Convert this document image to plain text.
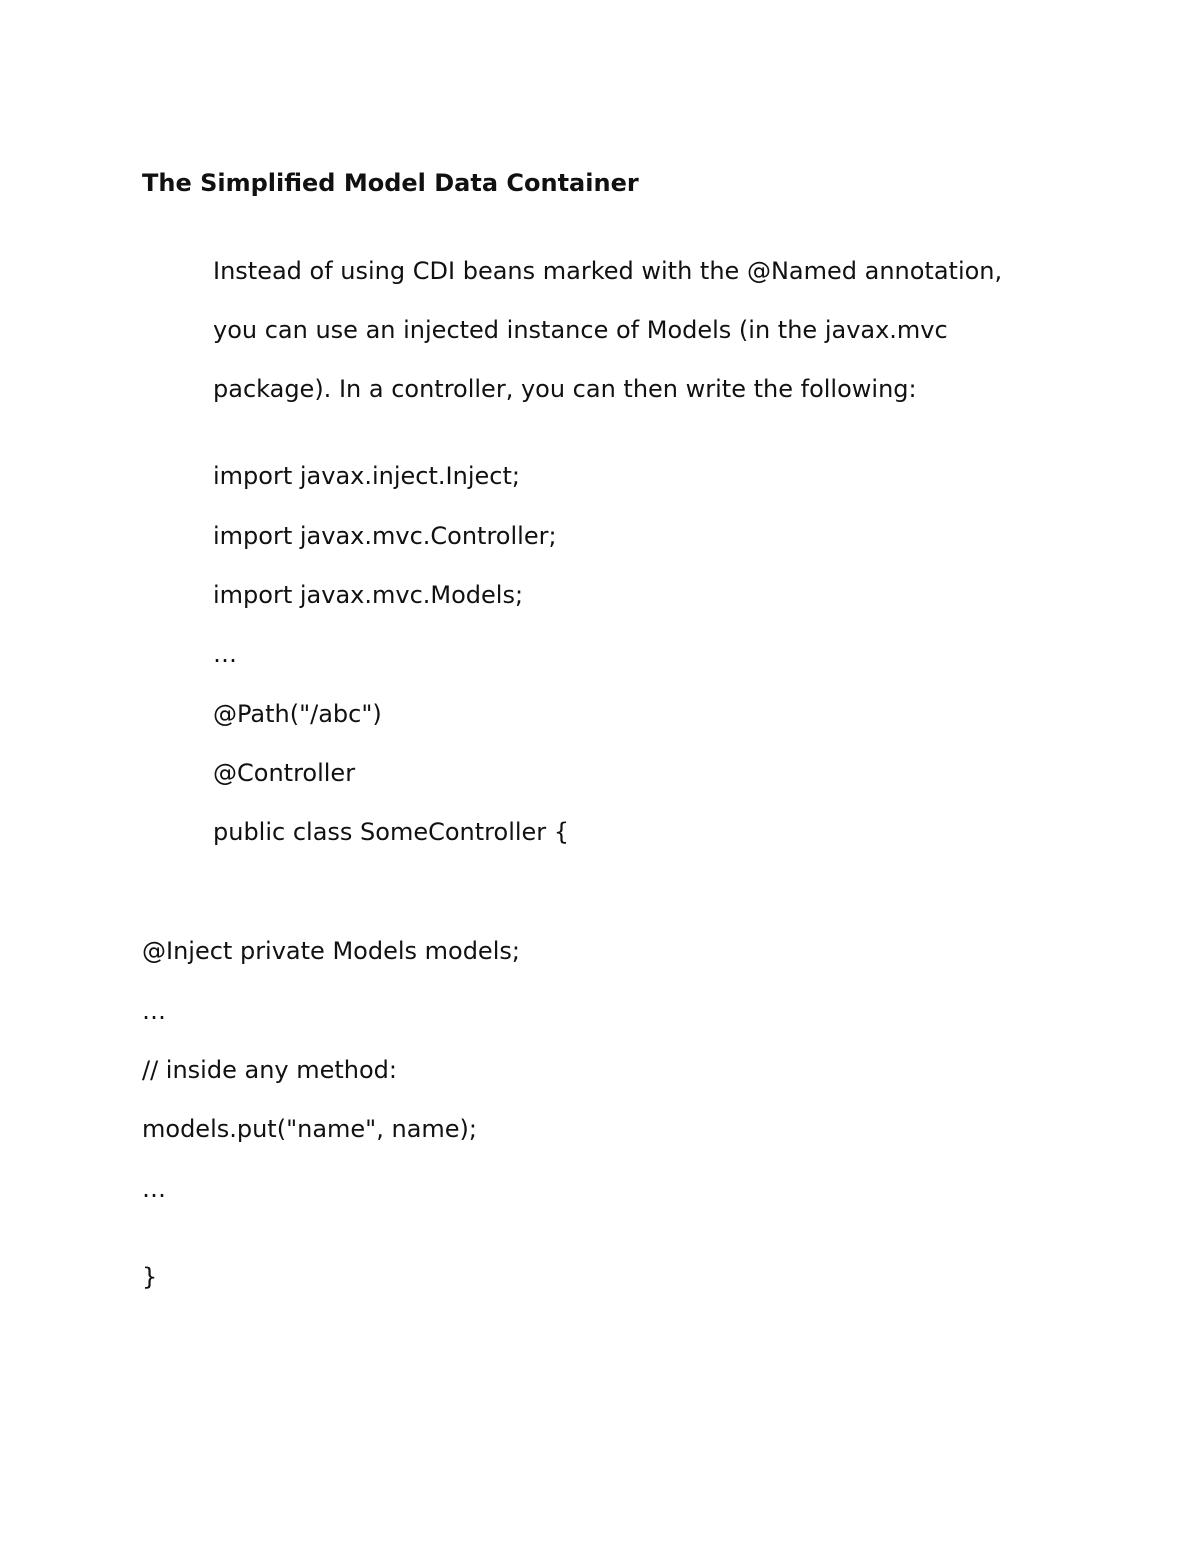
The Simplified Model Data Container

Instead of using CDI beans marked with the @Named annotation,

you can use an injected instance of Models (in the javax.mvc

package). In a controller, you can then write the following:

import javax.inject.Inject;

import javax.mvc.Controller;

import javax.mvc.Models;

…

@Path("/abc")

@Controller

public class SomeController {

@Inject private Models models;

…

// inside any method:

models.put("name", name);

…

}
